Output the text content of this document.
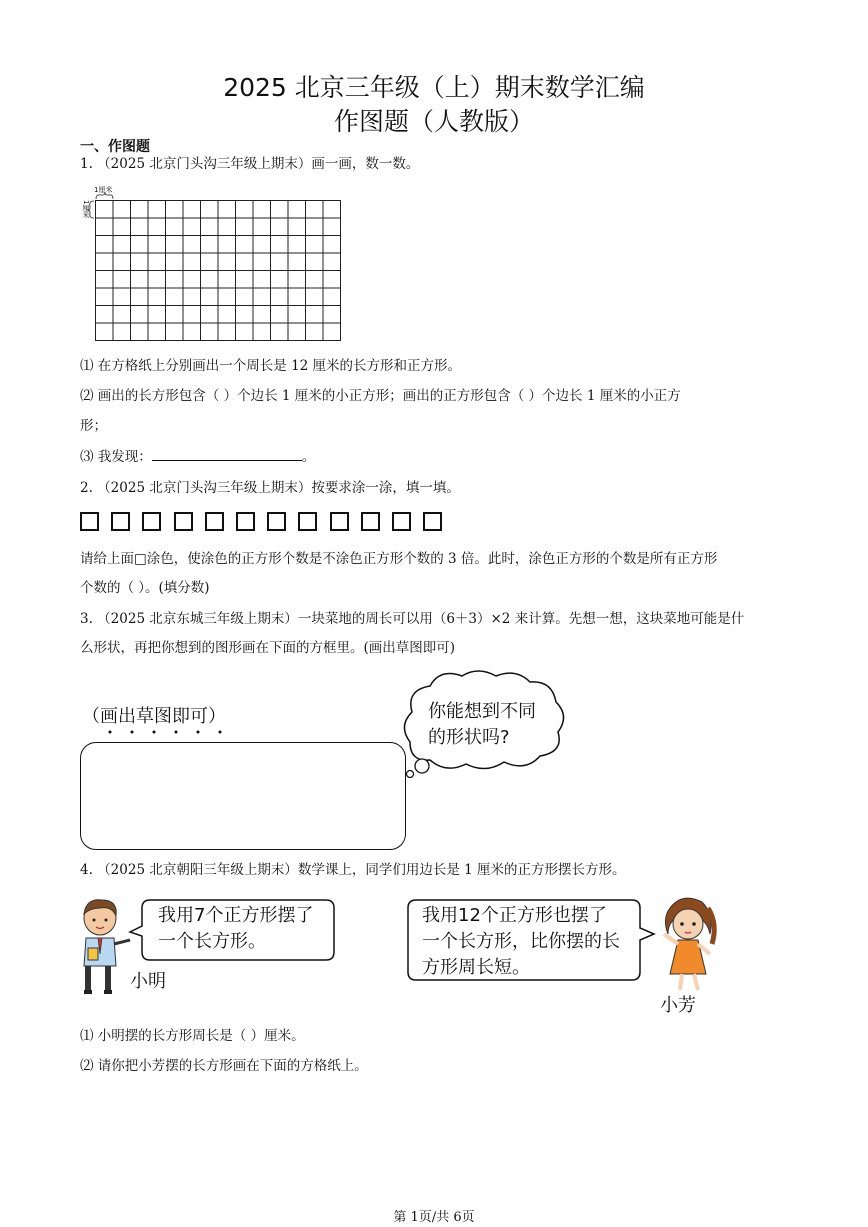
2025 北京三年级（上）期末数学汇编
作图题（人教版）
一、作图题
1. （2025 北京门头沟三年级上期末）画一画，数一数。
1厘米
1厘米
⑴ 在方格纸上分别画出一个周长是 12 厘米的长方形和正方形。
⑵ 画出的长方形包含（ ）个边长 1 厘米的小正方形；画出的正方形包含（ ）个边长 1 厘米的小正方
形；
⑶ 我发现：	。
2. （2025 北京门头沟三年级上期末）按要求涂一涂，填一填。
请给上面□涂色，使涂色的正方形个数是不涂色正方形个数的 3 倍。此时，涂色正方形的个数是所有正方形
个数的（ ）。(填分数)
3. （2025 北京东城三年级上期末）一块菜地的周长可以用（6＋3）×2 来计算。先想一想，这块菜地可能是什
么形状，再把你想到的图形画在下面的方框里。(画出草图即可)
（画出草图即可）	你能想到不同
的形状吗?
4. （2025 北京朝阳三年级上期末）数学课上，同学们用边长是 1 厘米的正方形摆长方形。
小明
我用7个正方形摆了
一个长方形。
我用12个正方形也摆了
一个长方形，比你摆的长
方形周长短。
小芳
⑴ 小明摆的长方形周长是（ ）厘米。
⑵ 请你把小芳摆的长方形画在下面的方格纸上。
第 1页/共 6页
